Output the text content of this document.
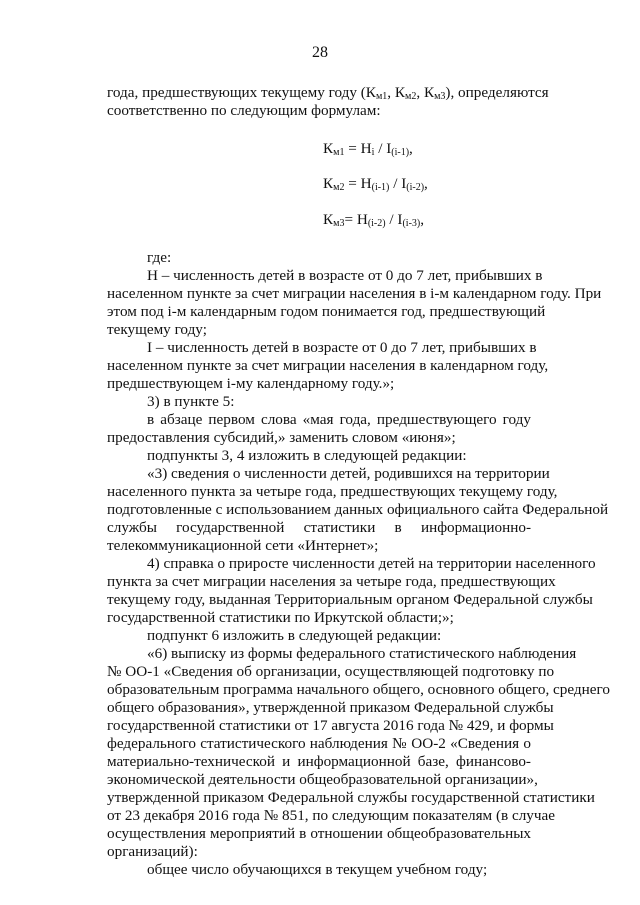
28
года, предшествующих текущему году ($К_{м1}$, $К_{м2}$, $К_{м3}$), определяются
соответственно по следующим формулам:
$К_{м1} = H_i / I_{(i-1)}$,
$К_{м2} = H_{(i-1)} / I_{(i-2)}$,
$К_{м3}= H_{(i-2)} / I_{(i-3)}$,
где:
H – численность детей в возрасте от 0 до 7 лет, прибывших в
населенном пункте за счет миграции населения в i-м календарном году. При
этом под i-м календарным годом понимается год, предшествующий
текущему году;
I – численность детей в возрасте от 0 до 7 лет, прибывших в
населенном пункте за счет миграции населения в календарном году,
предшествующем i-му календарному году.»;
3) в пункте 5:
в абзаце первом слова «мая года, предшествующего году
предоставления субсидий,» заменить словом «июня»;
подпункты 3, 4 изложить в следующей редакции:
«3) сведения о численности детей, родившихся на территории
населенного пункта за четыре года, предшествующих текущему году,
подготовленные с использованием данных официального сайта Федеральной
службы государственной статистики в информационно-
телекоммуникационной сети «Интернет»;
4) справка о приросте численности детей на территории населенного
пункта за счет миграции населения за четыре года, предшествующих
текущему году, выданная Территориальным органом Федеральной службы
государственной статистики по Иркутской области;»;
подпункт 6 изложить в следующей редакции:
«6) выписку из формы федерального статистического наблюдения
№ ОО-1 «Сведения об организации, осуществляющей подготовку по
образовательным программа начального общего, основного общего, среднего
общего образования», утвержденной приказом Федеральной службы
государственной статистики от 17 августа 2016 года № 429, и формы
федерального статистического наблюдения № ОО-2 «Сведения о
материально-технической и информационной базе, финансово-
экономической деятельности общеобразовательной организации»,
утвержденной приказом Федеральной службы государственной статистики
от 23 декабря 2016 года № 851, по следующим показателям (в случае
осуществления мероприятий в отношении общеобразовательных
организаций):
общее число обучающихся в текущем учебном году;
